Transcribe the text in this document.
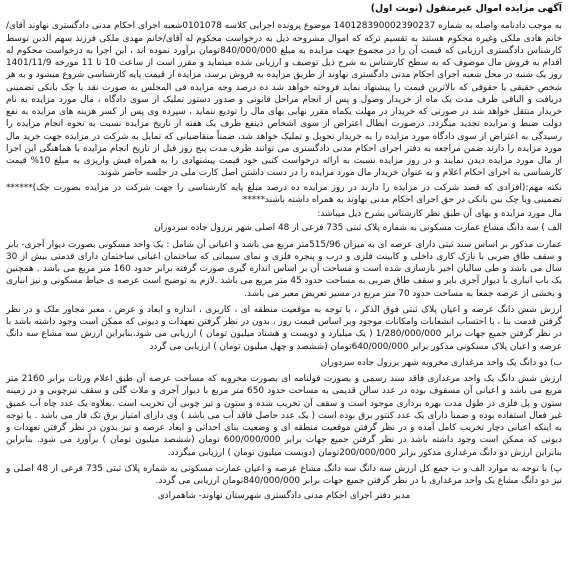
آگهی مزایده اموال غیرمنقول (نوبت اول)

به موجب دادنامه واصله به شماره 140128390002390237 موضوع پرونده اجرایی کلاسه 0101078شعبه اجرای احکام مدنی دادگستری نهاوند آقای/خانم هادی ملکی وغیره محکوم هستند به تقسیم ترکه که اموال مشروحه ذیل به درخواست محکوم له آقای/خانم مهدی ملکی فرزند سهم الدین توسط کارشناس دادگستری ارزیابی که قیمت آن را در مجموع جهت مزایده به مبلغ 840/000/000تومان برآورد نموده اند ، این اجرا به درخواست محکوم له اقدام به فروش مال موصوف که به سطح کارشناس به شرح ذیل توصیف و ارزیابی شده مینماید و مقرر است از ساعت 10 تا 11 مورخه 1401/11/9 روز یک شنبه در محل شعبه اجرای احکام مدنی دادگستری نهاوند از طریق مزایده به فروش برسد، مزایده از قیمت پایه کارشناسی شروع میشود و به هر شخص حقیقی یا حقوقی که بالاترین قیمت را پیشنهاد نماید فروخته خواهد شد ده درصد وجه مزایده فی المجلس به صورت نقد یا چک بانکی تضمینی دریافت و الباقی ظرف مدت یک ماه از خریدار وصول و پس از انجام مراحل قانونی و صدور دستور تملیک از سوی دادگاه ، مال مورد مزایده به نام خریدار منتقل خواهد شد در صورتی که خریدار در مهلت یکماه مقرر نهایی بهای مال را تودیع ننماید ، سپرده وی پس از کسر هزینه های مزایده به نفع دولت ضبط و مزایده تجدید میگردد. درصورت ابطال اعتراض از سوی اشخاص ذینفع ظرف یک هفته از تاریخ مزایده نسبت به نحوه انجام مزایده را رسیدگی به اعتراض از سوی دادگاه مورد مزایده را به خریدار تحویل و تملیک خواهد شد، ضمناً متقاضیانی که تمایل به شرکت در مزایده جهت خرید مال مورد مزایده را دارند ضمن مراجعه به دفتر اجرای احکام مدنی دادگستری می توانند ظرف مدت پنج روز قبل از تاریخ انجام مزایده با هماهنگی این اجرا از مال مورد مزایده دیدن نمایند و در روز مزایده نسبت به ارائه درخواست کتبی خود قیمت پیشنهادی را به همراه فیش واریزی به مبلغ 10% قیمت کارشناسی به اجرای احکام اعلام و به عنوان خریدار مال مورد مزایده را در دست داشتن اصل کارت ملی در جلسه حاضر شوند.

نکته مهم:(افرادی که قصد شرکت در مزایده را دارند در روز مزایده ده درصد مبلغ پایه کارشناسی را جهت شرکت در مزایده بصورت چک)****** تضمینی ویا چک بین بانکی در حق اجرای احکام مدنی نهاوند به همراه داشته باشند*****

مال مورد مزایده و بهای آن طبق نظر کارشناس بشرح ذیل میباشد:

الف ) سه دانگ مشاع عمارت مسکونی به شماره پلاک ثبتی 735 فرعی از 48 اصلی شهر برزول جاده سردوران

عمارت مذکور بر اساس سند ثبتی دارای عرصه ای به میزان 515/96متر مربع می باشد و اعیانی آن شامل : یک واحد مسکونی بصورت دیوار آجری- بابر و سقف طاق ضربی با نازک کاری داخلی و کابینت فلزی و درب و پنجره فلزی و نمای سیمانی که ساختمان اعیانی ساختمان دارای قدمتی بیش از 30 سال می باشد و طی سالیان اخیر بازسازی شده است و مساحت آن بر اساس اندازه گیری صورت گرفته برابر حدود 160 متر مربع می باشد . همچنین یک باب انباری با دیوار آجری بابر و سقف طاق ضربی به مساحت حدود 45 متر مربع می باشد .لازم به توضیح است عرصه ی حیاط مسکونی و نیز انباری و بخشی از عرصه جمعا به مساحت حدود 70 متر مربع در مسیر تعریض معبر می باشد.

ارزش شش دانگ عرصه و اعیان پلاک ثبتی فوق الذکر ، با توجه به موقعیت منطقه ای ، کاربری ، اندازه و ابعاد و عرض ، معبر مجاور ملک و در نظر گرفتن قدمت بنا ، با احتساب انشعابات وامکانات موجود وبر اساس قیمت روز ، بدون در نظر گرفتن تعهدات و دیونی که ممکن است وجود داشته باشد با در نظر گرفتن جمیع جهات برابر 1/280/000/000 ( یک میلیارد و دویست و هشتاد میلیون تومان ) ارزیابی می شود،بنابراین ارزش سه مشاع سه دانگ عرصه و اعیان پلاک مسکونی مذکور برابر 640/000/000تومان (ششصد و چهل میلیون تومان ) ارزیابی می گردد

ب) دو دانگ یک واحد مرغداری مخروبه شهر برزول جاده سردوران

ارزش شش دانگ یک واحد مرغداری فاقد سند رسمی و بصورت قولنامه ای بصورت مخروبه که مساحت عرصه آن طبق اعلام ورثات برابر 2160 متر مربع می باشد و اعیانی آن مسقوف بوده در عدد سالن قدیمی به مساحت حدود 650 متر مربع با دیوار آجری و ملات گلی و سقف تیرچوبی و در زمینه ستون و پل فلزی در طول مدت بهره برداری موجود است و سقف آن تخریب شده و ستون و تیر چوبی آن تخریب است .بعلاوه یک عدد چاه آب عمیق غیر فعال استفاده بوده و ضمنا دارای یک عدد کنتور برق بوده است ( یک عدد حاصل فاقد آب می باشد ) وی دارای امتیاز برق تک فاز می باشد . با توجه به اینکه اعیانی دچار تخریب کامل آمده و در نظر گرفتن موقعیت منطقه ای و وضعیت بنای احداثی و ابعاد عرصه و نیز بدون در نظر گرفتن تعهدات و دیونی که ممکن است وجود داشته باشد در نظر گرفتن جمیع جهات برابر 600/000/000 تومان (ششصد میلیون تومان ) برآورد می شود. بنابراین بنابراین ارزش دو دانگ مرغداری مذکور برابر 200/000/000تومان (دویست میلیون تومان ) ارزیابی میگردد.

پ) با توجه به موارد الف و ب جمع کل ارزش سه دانگ سه دانگ مشاع عرصه و اعیان عمارت مسکونی به شماره پلاک ثبتی 735 فرعی از 48 اصلی و نیز دو دانگ مشاع یک واحد مرغداری با در نظر گرفتن جمیع جهات برابر 840/000/000تومان ارزیابی می گردد.

مدیر دفتر اجرای احکام مدنی دادگستری شهرستان نهاوند- شاهمرادی
